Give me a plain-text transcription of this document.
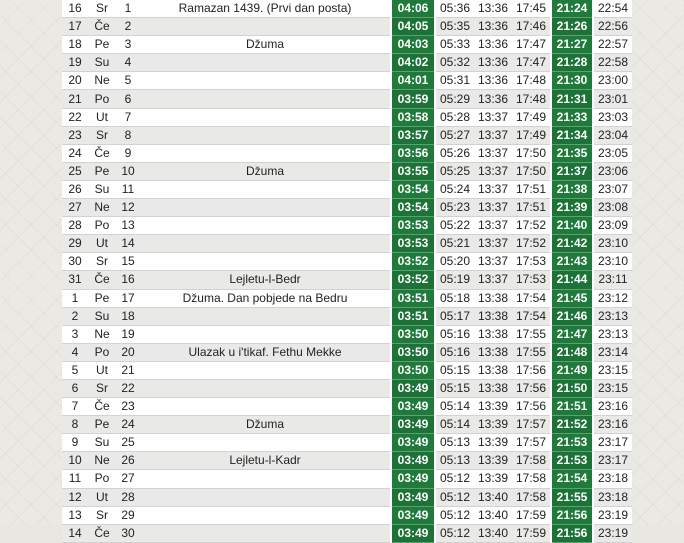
16	Sr	1	Ramazan 1439. (Prvi dan posta)	04:06	05:36	13:36	17:45	21:24	22:54
17	Če	2		04:05	05:35	13:36	17:46	21:26	22:56
18	Pe	3	Džuma	04:03	05:33	13:36	17:47	21:27	22:57
19	Su	4		04:02	05:32	13:36	17:47	21:28	22:58
20	Ne	5		04:01	05:31	13:36	17:48	21:30	23:00
21	Po	6		03:59	05:29	13:36	17:48	21:31	23:01
22	Ut	7		03:58	05:28	13:37	17:49	21:33	23:03
23	Sr	8		03:57	05:27	13:37	17:49	21:34	23:04
24	Če	9		03:56	05:26	13:37	17:50	21:35	23:05
25	Pe	10	Džuma	03:55	05:25	13:37	17:50	21:37	23:06
26	Su	11		03:54	05:24	13:37	17:51	21:38	23:07
27	Ne	12		03:54	05:23	13:37	17:51	21:39	23:08
28	Po	13		03:53	05:22	13:37	17:52	21:40	23:09
29	Ut	14		03:53	05:21	13:37	17:52	21:42	23:10
30	Sr	15		03:52	05:20	13:37	17:53	21:43	23:10
31	Če	16	Lejletu-l-Bedr	03:52	05:19	13:37	17:53	21:44	23:11
1	Pe	17	Džuma. Dan pobjede na Bedru	03:51	05:18	13:38	17:54	21:45	23:12
2	Su	18		03:51	05:17	13:38	17:54	21:46	23:13
3	Ne	19		03:50	05:16	13:38	17:55	21:47	23:13
4	Po	20	Ulazak u i'tikaf. Fethu Mekke	03:50	05:16	13:38	17:55	21:48	23:14
5	Ut	21		03:50	05:15	13:38	17:56	21:49	23:15
6	Sr	22		03:49	05:15	13:38	17:56	21:50	23:15
7	Če	23		03:49	05:14	13:39	17:56	21:51	23:16
8	Pe	24	Džuma	03:49	05:14	13:39	17:57	21:52	23:16
9	Su	25		03:49	05:13	13:39	17:57	21:53	23:17
10	Ne	26	Lejletu-l-Kadr	03:49	05:13	13:39	17:58	21:53	23:17
11	Po	27		03:49	05:12	13:39	17:58	21:54	23:18
12	Ut	28		03:49	05:12	13:40	17:58	21:55	23:18
13	Sr	29		03:49	05:12	13:40	17:59	21:56	23:19
14	Če	30		03:49	05:12	13:40	17:59	21:56	23:19
